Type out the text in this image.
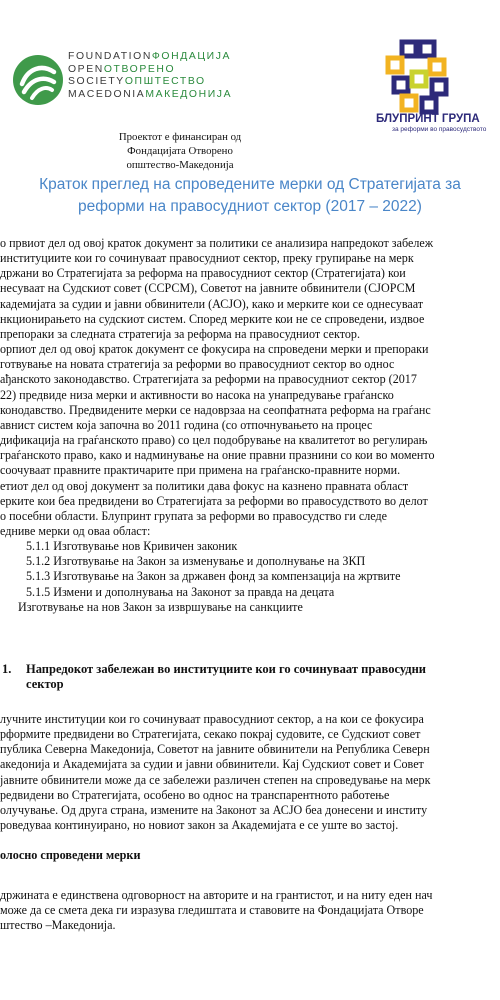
FOUNDATIONФОНДАЦИЈА
OPENОТВОРЕНО
SOCIETYОПШТЕСТВО
MACEDONIAМАКЕДОНИЈА
Проектот е финансиран од
Фондацијата Отворено општество-Македонија
БЛУПРИНТ ГРУПА
за реформи во правосудството
Краток преглед на спроведените мерки од Стратегијата за
реформи на правосудниот сектор (2017 – 2022)

о првиот дел од овој краток документ за политики се анализира напредокот забележ

институциите кои го сочинуваат правосудниот сектор, преку групирање на мерк

држани во Стратегијата за реформа на правосудниот сектор (Стратегијата) кои

несуваат на Судскиот совет (ССРСМ), Советот на јавните обвинители (СЈОРСМ

кадемијата за судии и јавни обвинители (АСЈО), како и мерките кои се однесуваат

нкционирањето на судскиот систем. Според мерките кои не се спроведени, издвое

препораки за следната стратегија за реформа на правосудниот сектор.

орпиот дел од овој краток документ се фокусира на спроведени мерки и препораки

готвување на новата стратегија за реформи во правосудниот сектор во однос

ађанското законодавство. Стратегијата за реформи на правосудниот сектор (2017

22) предвиде низа мерки и активности во насока на унапредување граѓанско

конодавство. Предвидените мерки се надоврзаа на сеопфатната реформа на граѓанс

авнист систем која започна во 2011 година (со отпочнувањето на процес

дификација на граѓанското право) со цел подобрување на квалитетот во регулирањ

граѓанското право, како и надминување на оние правни празнини со кои во моменто

соочуваат правните практичарите при примена на граѓанско-правните норми.

етиот дел од овој документ за политики дава фокус на казнено правната област

ерките кои беа предвидени во Стратегијата за реформи во правосудството во делот

о посебни области. Блупринт групата за реформи во правосудство ги следе

едниве мерки од оваа област:

5.1.1 Изготвување нов Кривичен законик

5.1.2 Изготвување на Закон за изменување и дополнување на ЗКП

5.1.3 Изготвување на Закон за државен фонд за компензација на жртвите

5.1.5 Измени и дополнувања на Законот за правда на децата

Изготвување на нов Закон за извршување на санкциите

1. Напредокот забележан во институциите кои го сочинуваат правосудни
сектор

лучните институции кои го сочинуваат правосудниот сектор, а на кои се фокусира

рформите предвидени во Стратегијата, секако покрај судовите, се Судскиот совет

публика Северна Македонија, Советот на јавните обвинители на Република Северн

акедонија и Академијата за судии и јавни обвинители. Кај Судскиот совет и Совет

јавните обвинители може да се забележи различен степен на спроведување на мерк

редвидени во Стратегијата, особено во однос на транспарентното работење

олучување. Од друга страна, измените на Законот за АСЈО беа донесени и институ

роведуваа континуирано, но новиот закон за Академијата е се уште во застој.

олосно спроведени мерки

држината е единствена одговорност на авторите и на грантистот, и на нитy еден нач

може да се смета дека ги изразува гледиштата и ставовите на Фондацијата Отворе

штество –Македонија.
